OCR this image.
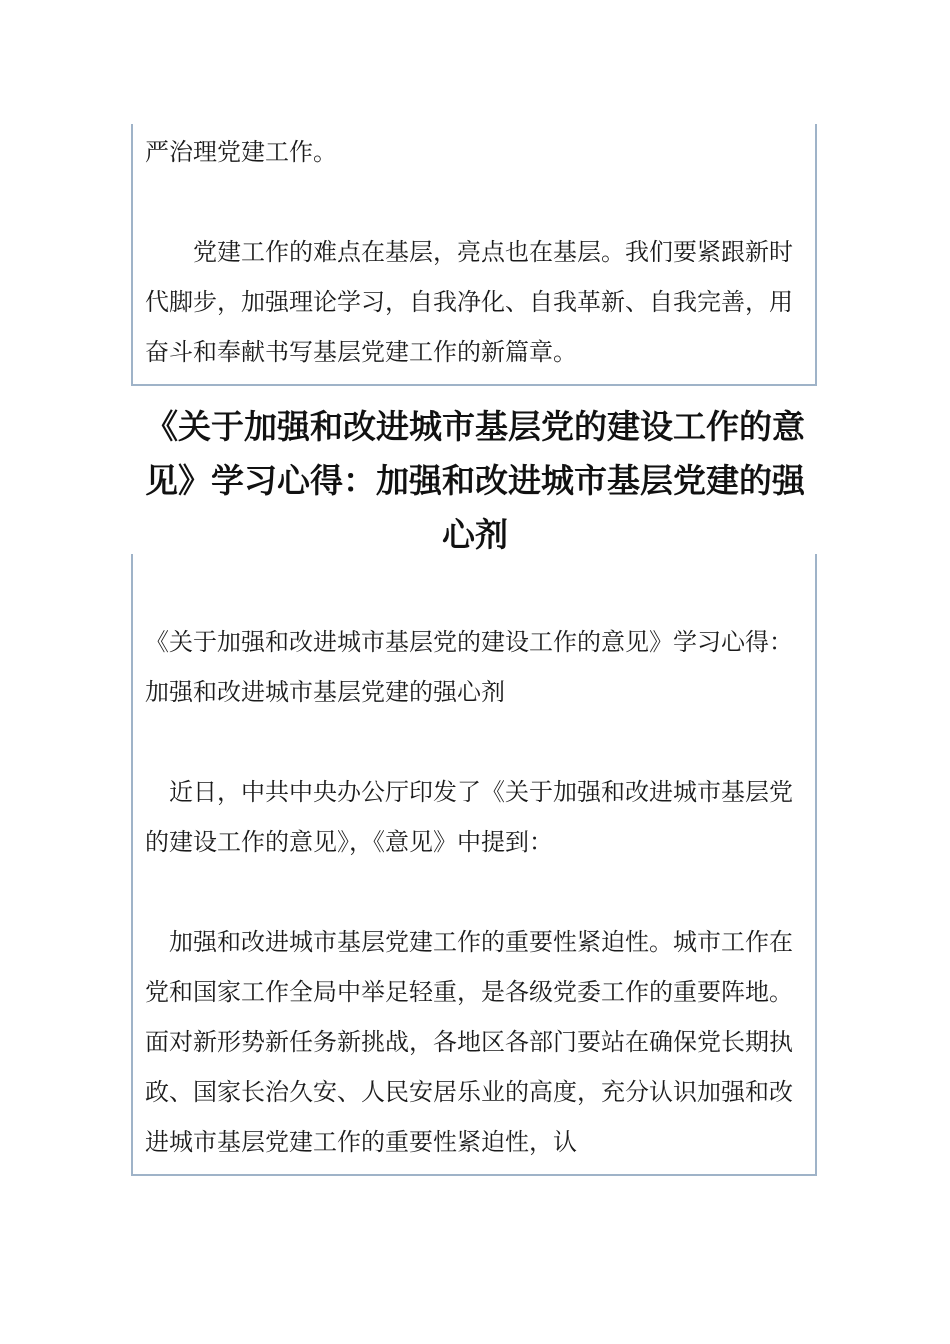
严治理党建工作。

　　党建工作的难点在基层，亮点也在基层。我们要紧跟新时代脚步，加强理论学习，自我净化、自我革新、自我完善，用奋斗和奉献书写基层党建工作的新篇章。

《关于加强和改进城市基层党的建设工作的意见》学习心得：加强和改进城市基层党建的强心剂

《关于加强和改进城市基层党的建设工作的意见》学习心得：加强和改进城市基层党建的强心剂

　近日，中共中央办公厅印发了《关于加强和改进城市基层党的建设工作的意见》，《意见》中提到：

　加强和改进城市基层党建工作的重要性紧迫性。城市工作在党和国家工作全局中举足轻重，是各级党委工作的重要阵地。面对新形势新任务新挑战，各地区各部门要站在确保党长期执政、国家长治久安、人民安居乐业的高度，充分认识加强和改进城市基层党建工作的重要性紧迫性，认
